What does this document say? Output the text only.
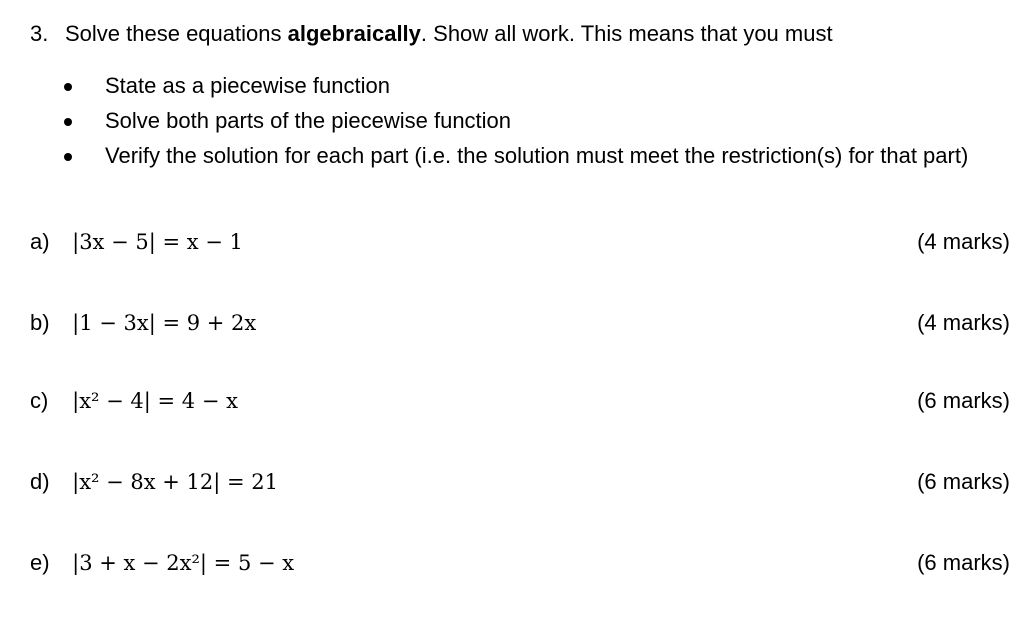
3. Solve these equations algebraically. Show all work. This means that you must
State as a piecewise function
Solve both parts of the piecewise function
Verify the solution for each part (i.e. the solution must meet the restriction(s) for that part)
a) |3x − 5| = x − 1	(4 marks)
b) |1 − 3x| = 9 + 2x	(4 marks)
c) |x² − 4| = 4 − x	(6 marks)
d) |x² − 8x + 12| = 21	(6 marks)
e) |3 + x − 2x²| = 5 − x	(6 marks)
